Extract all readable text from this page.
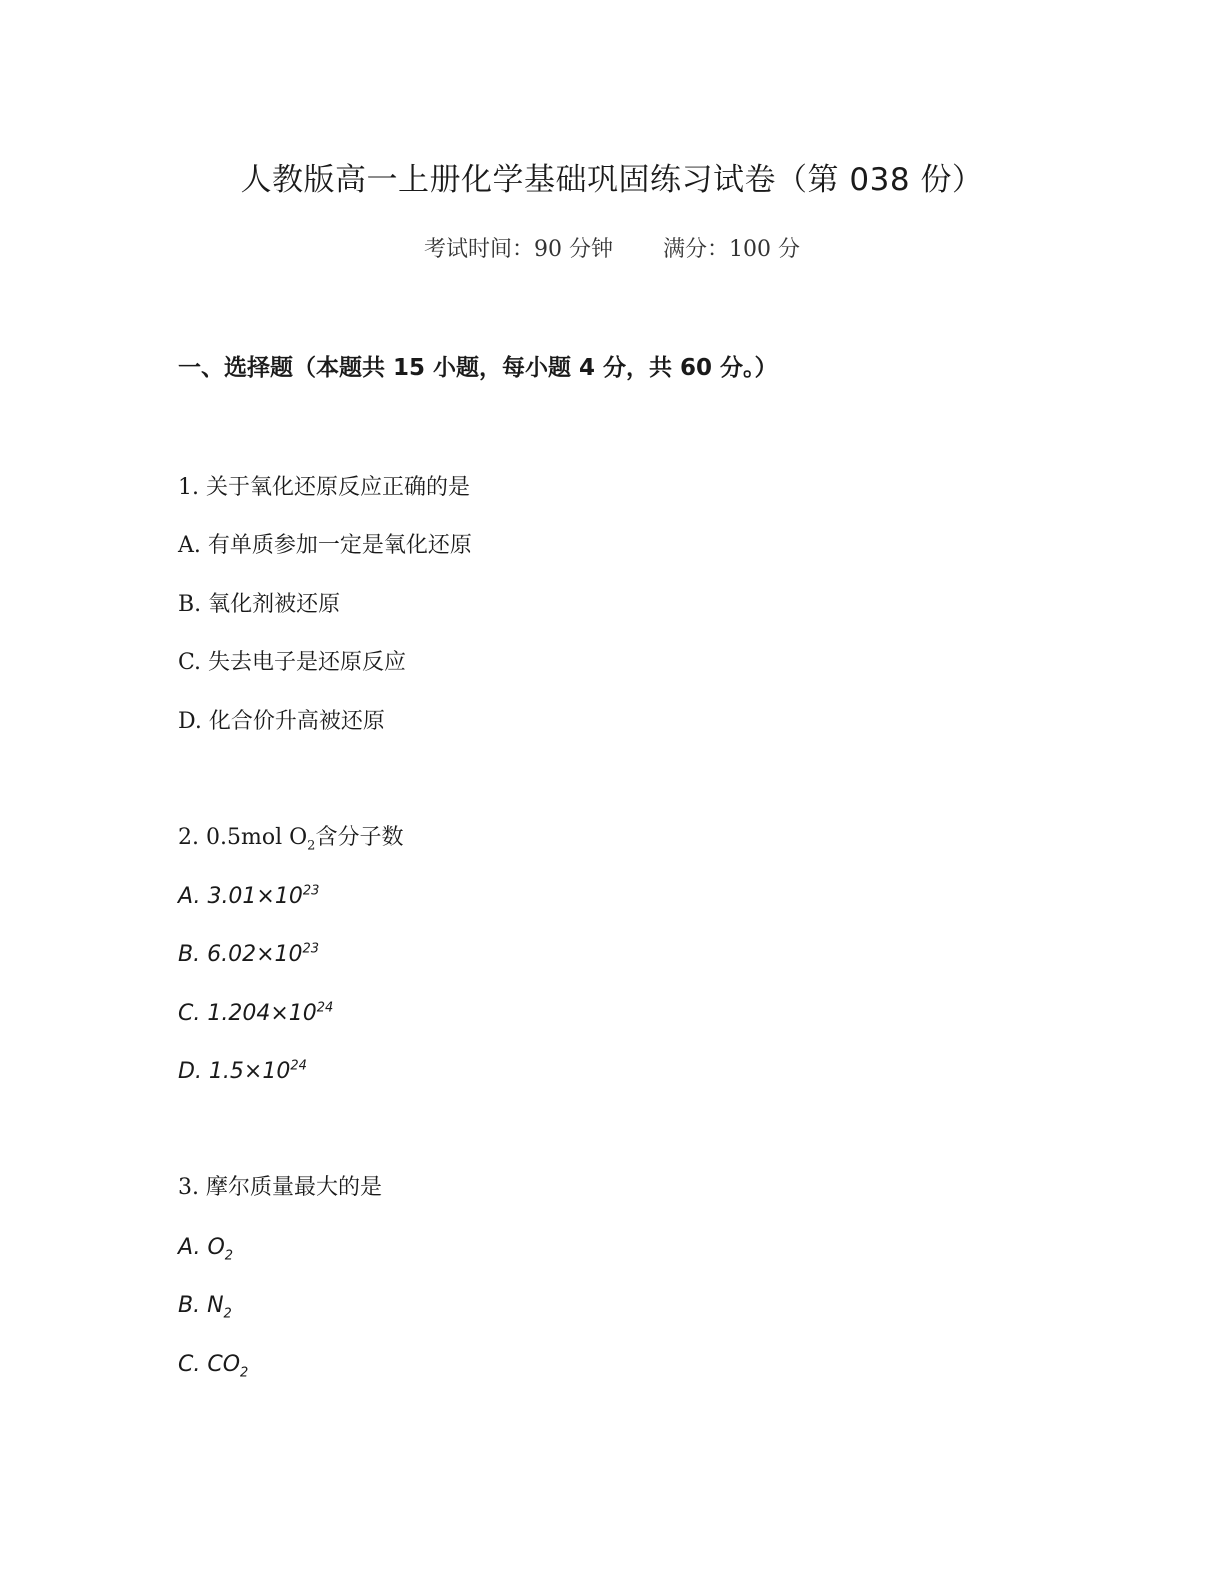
人教版高一上册化学基础巩固练习试卷（第 038 份）
考试时间：90 分钟 满分：100 分
一、选择题（本题共 15 小题，每小题 4 分，共 60 分。）
1. 关于氧化还原反应正确的是
A. 有单质参加一定是氧化还原
B. 氧化剂被还原
C. 失去电子是还原反应
D. 化合价升高被还原
2. 0.5mol $O_2$含分子数
A. $3.01\times 10^{23}$
B. $6.02\times 10^{23}$
C. $1.204\times 10^{24}$
D. $1.5\times 10^{24}$
3. 摩尔质量最大的是
A. $O_2$
B. $N_2$
C. $CO_2$
